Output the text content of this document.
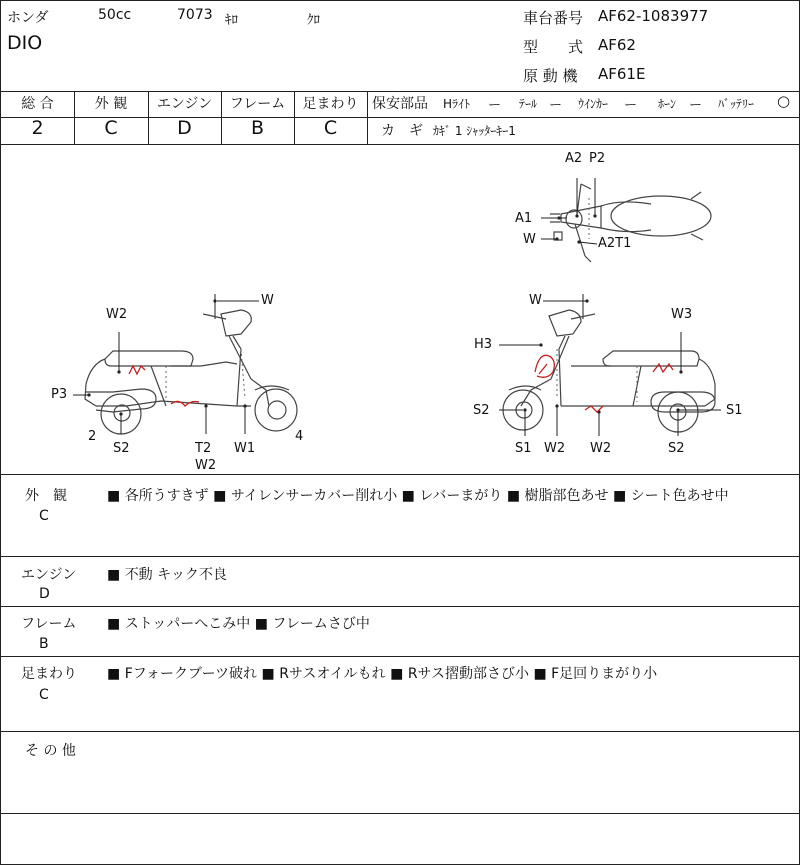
ホンダ	50cc	7073 ｷﾛ	ｸﾛ
DIO
車台番号 AF62-1083977
型　　式 AF62
原 動 機 AF61E
総 合	外 観	エンジン	フレーム	足まわり
2	C	D	B	C
保安部品 Hﾗｲﾄ ー ﾃｰﾙ ー ｳｲﾝｶｰ ー ﾎｰﾝ ー ﾊﾞｯﾃﾘｰ ○
カ　ギ ｶｷﾞ 1 ｼｬｯﾀｰｷｰ1
A2 P2
A1
W	A2T1
W
W2
P3
2
S2	T2
W2
W1
4
W
W3
H3
S2	S1
S1 W2 W2	S2
外　観
C
■ 各所うすきず ■ サイレンサーカバー削れ小 ■ レバーまがり ■ 樹脂部色あせ ■ シート色あせ中
エンジン
D
■ 不動 キック不良
フレーム
B
■ ストッパーへこみ中 ■ フレームさび中
足まわり
C
■ Fフォークブーツ破れ ■ Rサスオイルもれ ■ Rサス摺動部さび小 ■ F足回りまがり小
そ の 他
